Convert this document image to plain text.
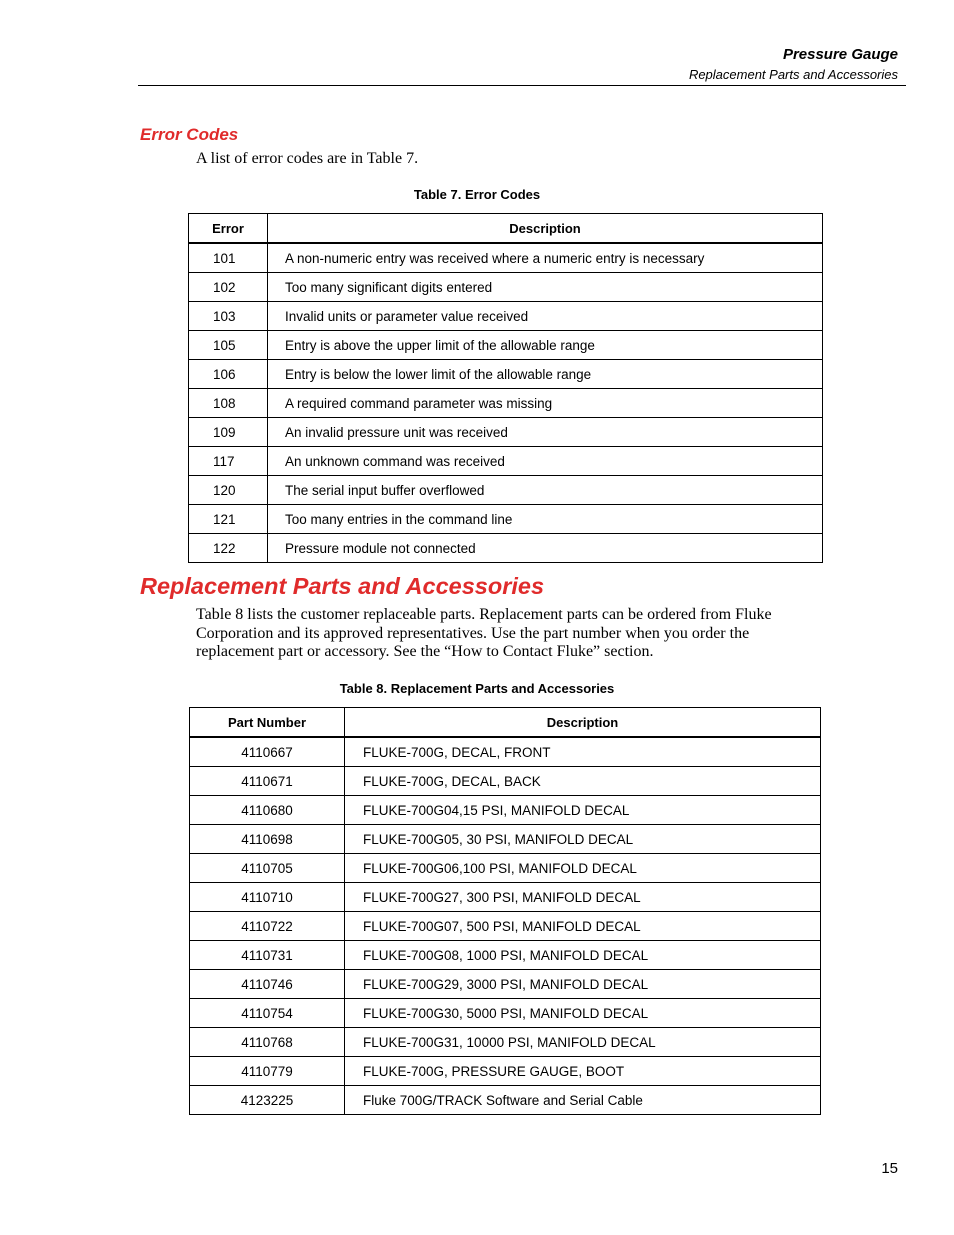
Pressure Gauge
Replacement Parts and Accessories
Error Codes
A list of error codes are in Table 7.
Table 7. Error Codes
Error	Description
101	A non-numeric entry was received where a numeric entry is necessary
102	Too many significant digits entered
103	Invalid units or parameter value received
105	Entry is above the upper limit of the allowable range
106	Entry is below the lower limit of the allowable range
108	A required command parameter was missing
109	An invalid pressure unit was received
117	An unknown command was received
120	The serial input buffer overflowed
121	Too many entries in the command line
122	Pressure module not connected
Replacement Parts and Accessories
Table 8 lists the customer replaceable parts. Replacement parts can be ordered from Fluke Corporation and its approved representatives. Use the part number when you order the replacement part or accessory. See the “How to Contact Fluke” section.
Table 8. Replacement Parts and Accessories
Part Number	Description
4110667	FLUKE-700G, DECAL, FRONT
4110671	FLUKE-700G, DECAL, BACK
4110680	FLUKE-700G04,15 PSI, MANIFOLD DECAL
4110698	FLUKE-700G05, 30 PSI, MANIFOLD DECAL
4110705	FLUKE-700G06,100 PSI, MANIFOLD DECAL
4110710	FLUKE-700G27, 300 PSI, MANIFOLD DECAL
4110722	FLUKE-700G07, 500 PSI, MANIFOLD DECAL
4110731	FLUKE-700G08, 1000 PSI, MANIFOLD DECAL
4110746	FLUKE-700G29, 3000 PSI, MANIFOLD DECAL
4110754	FLUKE-700G30, 5000 PSI, MANIFOLD DECAL
4110768	FLUKE-700G31, 10000 PSI, MANIFOLD DECAL
4110779	FLUKE-700G, PRESSURE GAUGE, BOOT
4123225	Fluke 700G/TRACK Software and Serial Cable
15
